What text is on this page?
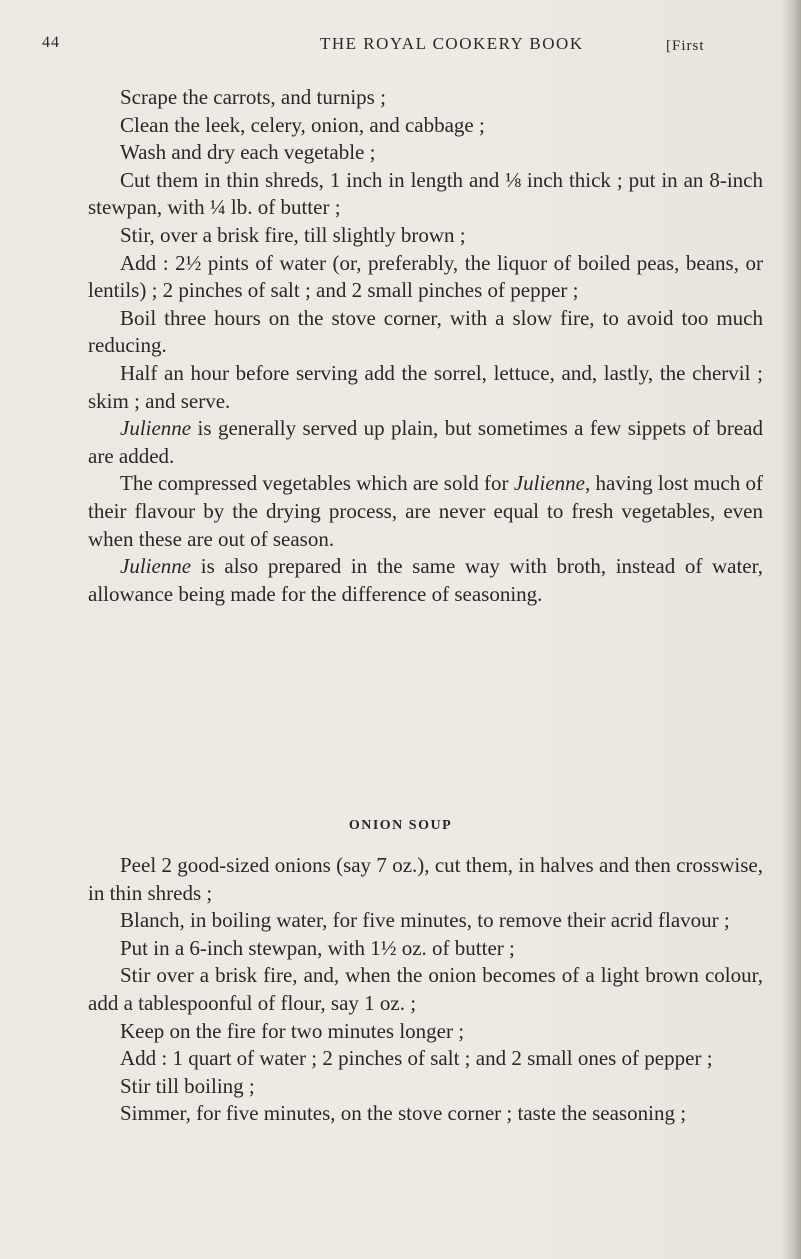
44	THE ROYAL COOKERY BOOK	[First

Scrape the carrots, and turnips ;

Clean the leek, celery, onion, and cabbage ;

Wash and dry each vegetable ;

Cut them in thin shreds, 1 inch in length and ⅛ inch thick ; put in an 8-inch stewpan, with ¼ lb. of butter ;

Stir, over a brisk fire, till slightly brown ;

Add : 2½ pints of water (or, preferably, the liquor of boiled peas, beans, or lentils) ; 2 pinches of salt ; and 2 small pinches of pepper ;

Boil three hours on the stove corner, with a slow fire, to avoid too much reducing.

Half an hour before serving add the sorrel, lettuce, and, lastly, the chervil ; skim ; and serve.

Julienne is generally served up plain, but sometimes a few sippets of bread are added.

The compressed vegetables which are sold for Julienne, having lost much of their flavour by the drying process, are never equal to fresh vegetables, even when these are out of season.

Julienne is also prepared in the same way with broth, instead of water, allowance being made for the difference of seasoning.

ONION SOUP

Peel 2 good-sized onions (say 7 oz.), cut them, in halves and then crosswise, in thin shreds ;

Blanch, in boiling water, for five minutes, to remove their acrid flavour ;

Put in a 6-inch stewpan, with 1½ oz. of butter ;

Stir over a brisk fire, and, when the onion becomes of a light brown colour, add a tablespoonful of flour, say 1 oz. ;

Keep on the fire for two minutes longer ;

Add : 1 quart of water ; 2 pinches of salt ; and 2 small ones of pepper ;

Stir till boiling ;

Simmer, for five minutes, on the stove corner ; taste the seasoning ;
